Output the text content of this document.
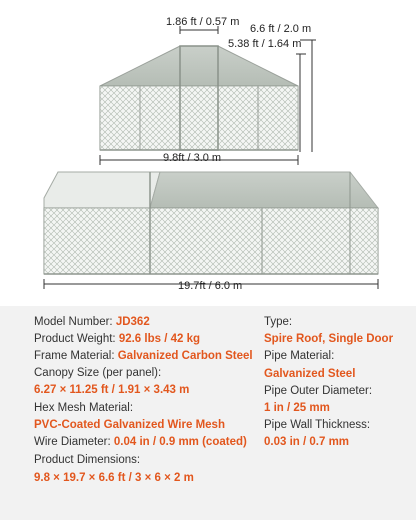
1.86 ft / 0.57 m
6.6 ft / 2.0 m
5.38 ft / 1.64 m
9.8ft / 3.0 m
19.7ft / 6.0 m
Model Number: JD362
Product Weight: 92.6 lbs / 42 kg
Frame Material: Galvanized Carbon Steel
Canopy Size (per panel):
6.27 × 11.25 ft / 1.91 × 3.43 m
Hex Mesh Material:
PVC-Coated Galvanized Wire Mesh
Wire Diameter: 0.04 in / 0.9 mm (coated)
Product Dimensions:
9.8 × 19.7 × 6.6 ft / 3 × 6 × 2 m
Type:
Spire Roof, Single Door
Pipe Material:
Galvanized Steel
Pipe Outer Diameter:
1 in / 25 mm
Pipe Wall Thickness:
0.03 in / 0.7 mm
